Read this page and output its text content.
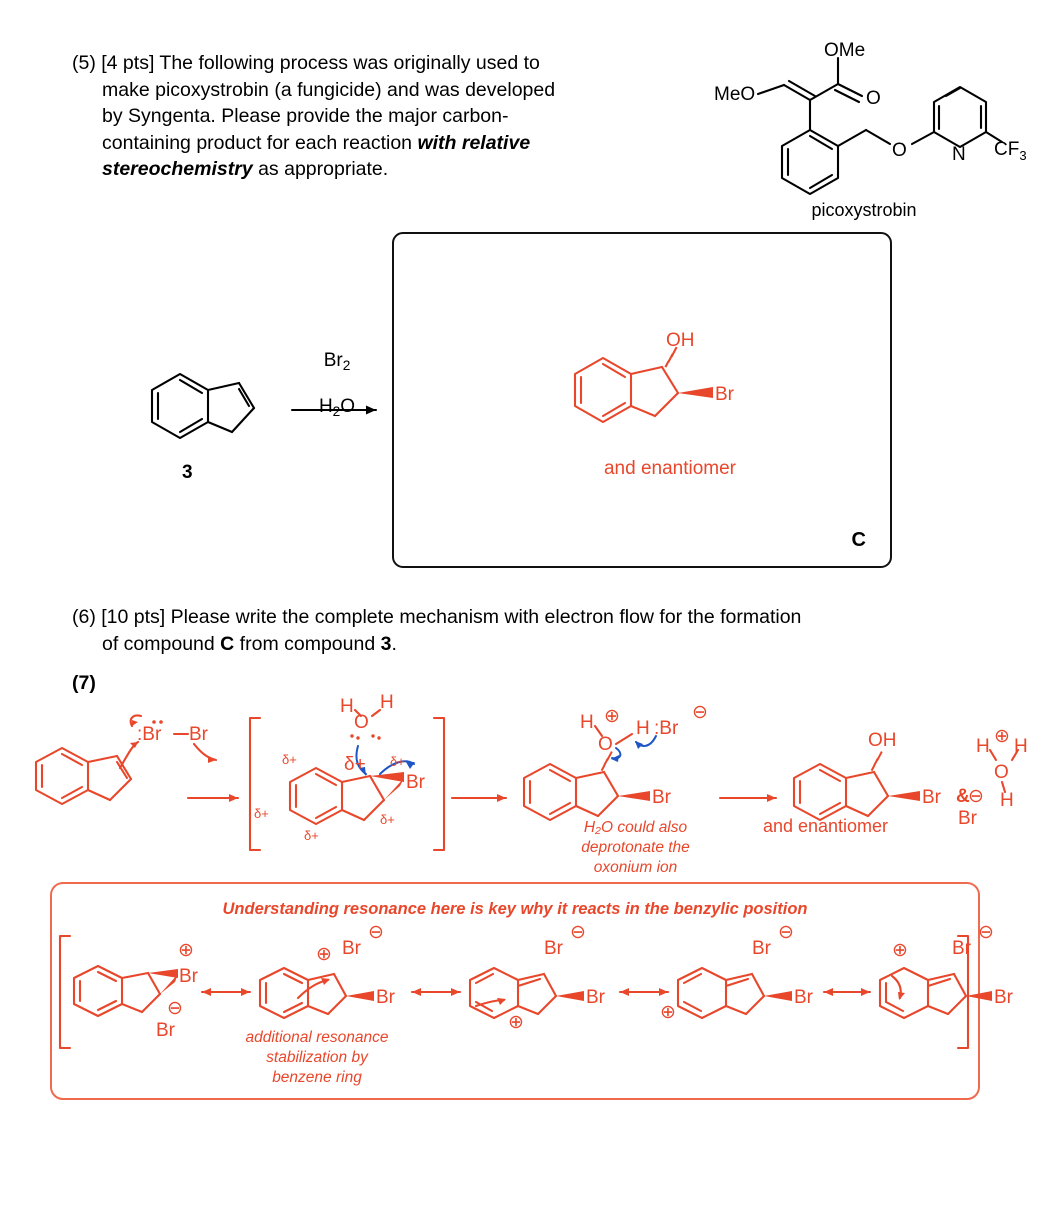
(5) [4 pts] The following process was originally used to
make picoxystrobin (a fungicide) and was developed
by Syngenta. Please provide the major carbon-
containing product for each reaction with relative
stereochemistry as appropriate.
MeO
OMe
O
O N $CF_3$
picoxystrobin
C
3
$Br_2$
$H_2O$
OH
Br
and enantiomer
(6) [10 pts] Please write the complete mechanism with electron flow for the formation
of compound C from compound 3.
(7)
:Br Br
Br
H
O
H
δ+
δ+
δ+
δ+
δ+ δ+
O
H H
⊕
:Br
⊖
Br
OH
Br &
H H
O
H
⊕
Br
⊖
H₂O could also
deprotonate the
oxonium ion
and enantiomer
Understanding resonance here is key why it reacts in the benzylic position
Br
⊕
Br
⊖
⊕
Br
Br
⊖
⊕
Br
Br
⊖
⊕
Br
Br
⊖
⊕
Br
Br
⊖
additional resonance
stabilization by
benzene ring
